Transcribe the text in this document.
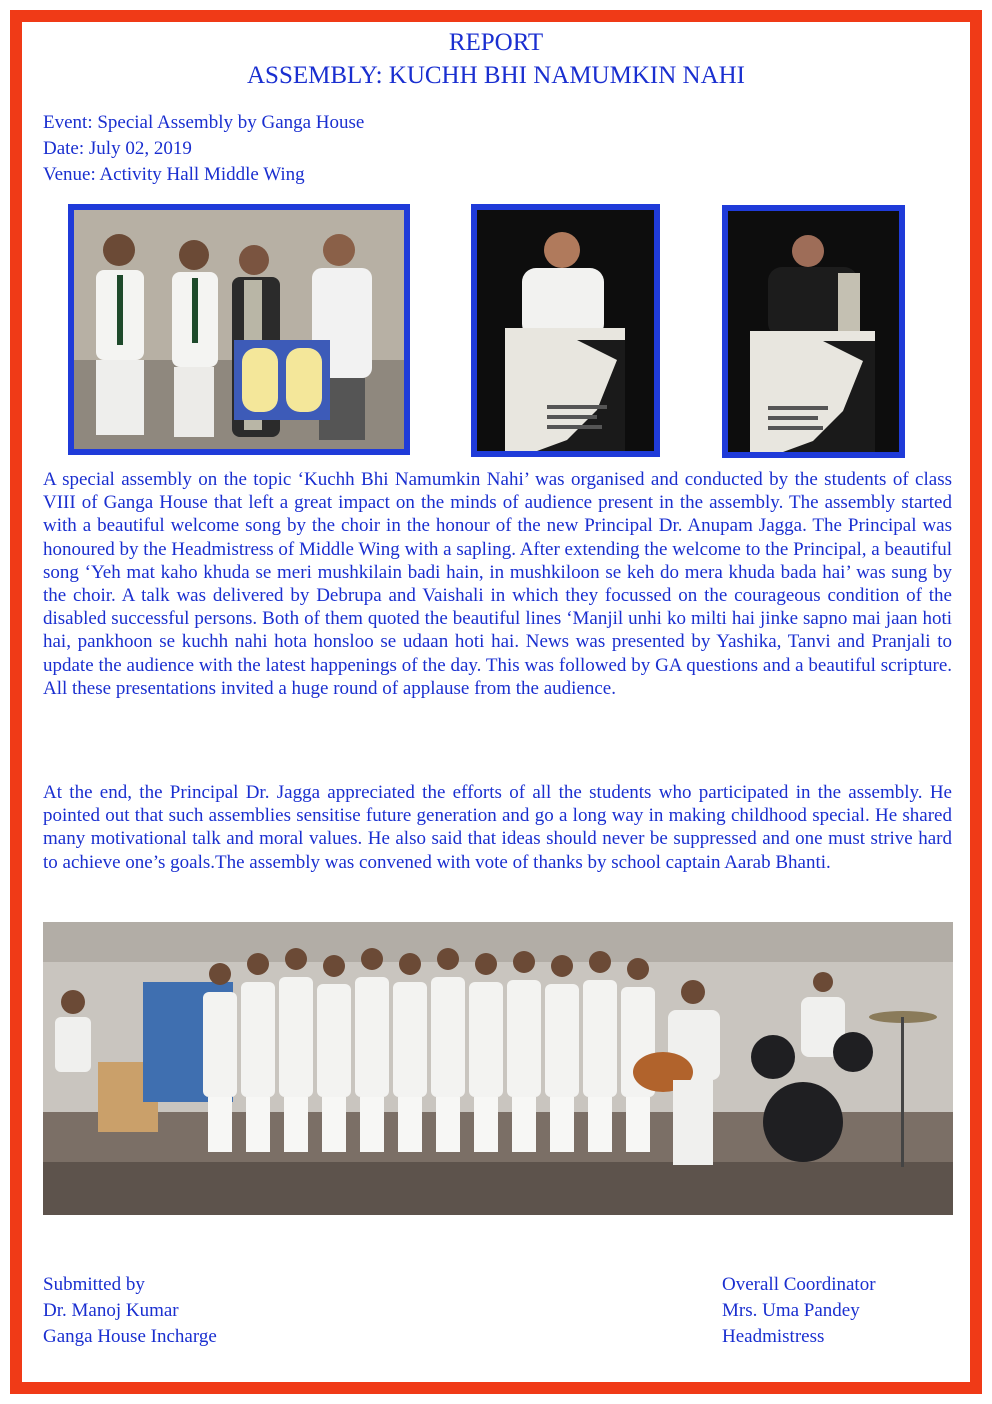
REPORT
ASSEMBLY: KUCHH BHI NAMUMKIN NAHI
Event: Special Assembly by Ganga House
Date: July 02, 2019
Venue: Activity Hall Middle Wing

A special assembly on the topic ‘Kuchh Bhi Namumkin Nahi’ was organised and conducted by the students of class VIII of Ganga House that left a great impact on the minds of audience present in the assembly. The assembly started with a beautiful welcome song by the choir in the honour of the new Principal Dr. Anupam Jagga. The Principal was honoured by the Headmistress of Middle Wing with a sapling. After extending the welcome to the Principal, a beautiful song ‘Yeh mat kaho khuda se meri mushkilain badi hain, in mushkiloon se keh do mera khuda bada hai’ was sung by the choir. A talk was delivered by Debrupa and Vaishali in which they focussed on the courageous condition of the disabled successful persons. Both of them quoted the beautiful lines ‘Manjil unhi ko milti hai jinke sapno mai jaan hoti hai, pankhoon se kuchh nahi hota honsloo se udaan hoti hai. News was presented by Yashika, Tanvi and Pranjali to update the audience with the latest happenings of the day. This was followed by GA questions and a beautiful scripture. All these presentations invited a huge round of applause from the audience.

At the end, the Principal Dr. Jagga appreciated the efforts of all the students who participated in the assembly. He pointed out that such assemblies sensitise future generation and go a long way in making childhood special. He shared many motivational talk and moral values. He also said that ideas should never be suppressed and one must strive hard to achieve one’s goals.The assembly was convened with vote of thanks by school captain Aarab Bhanti.

Submitted by
Dr. Manoj Kumar
Ganga House Incharge
Overall Coordinator
Mrs. Uma Pandey
Headmistress
